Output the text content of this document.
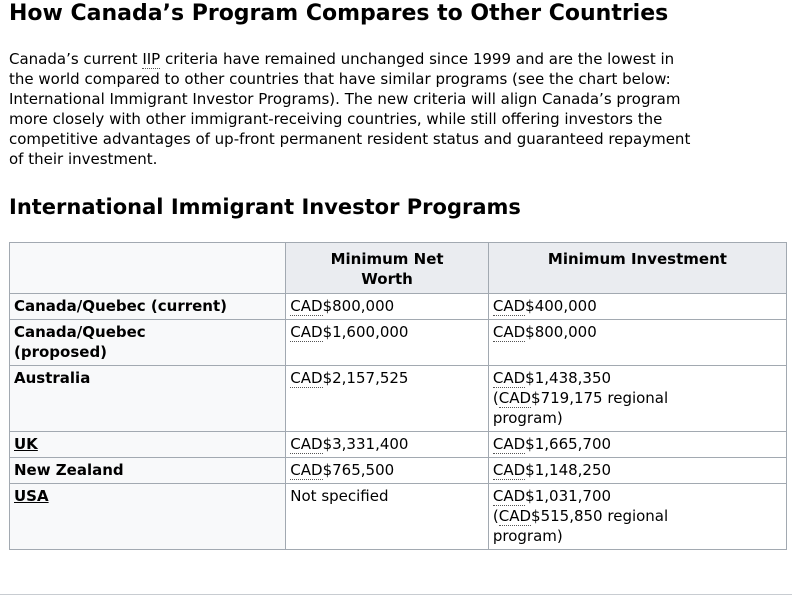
How Canada’s Program Compares to Other Countries

Canada’s current IIP criteria have remained unchanged since 1999 and are the lowest in
the world compared to other countries that have similar programs (see the chart below:
International Immigrant Investor Programs). The new criteria will align Canada’s program
more closely with other immigrant-receiving countries, while still offering investors the
competitive advantages of up-front permanent resident status and guaranteed repayment
of their investment.

International Immigrant Investor Programs

	Minimum Net
Worth	Minimum Investment

Canada/Quebec (current)	CAD$800,000	CAD$400,000

Canada/Quebec
(proposed)	CAD$1,600,000	CAD$800,000

Australia	CAD$2,157,525	CAD$1,438,350
(CAD$719,175 regional
program)

UK	CAD$3,331,400	CAD$1,665,700

New Zealand	CAD$765,500	CAD$1,148,250

USA	Not specified	CAD$1,031,700
(CAD$515,850 regional
program)
